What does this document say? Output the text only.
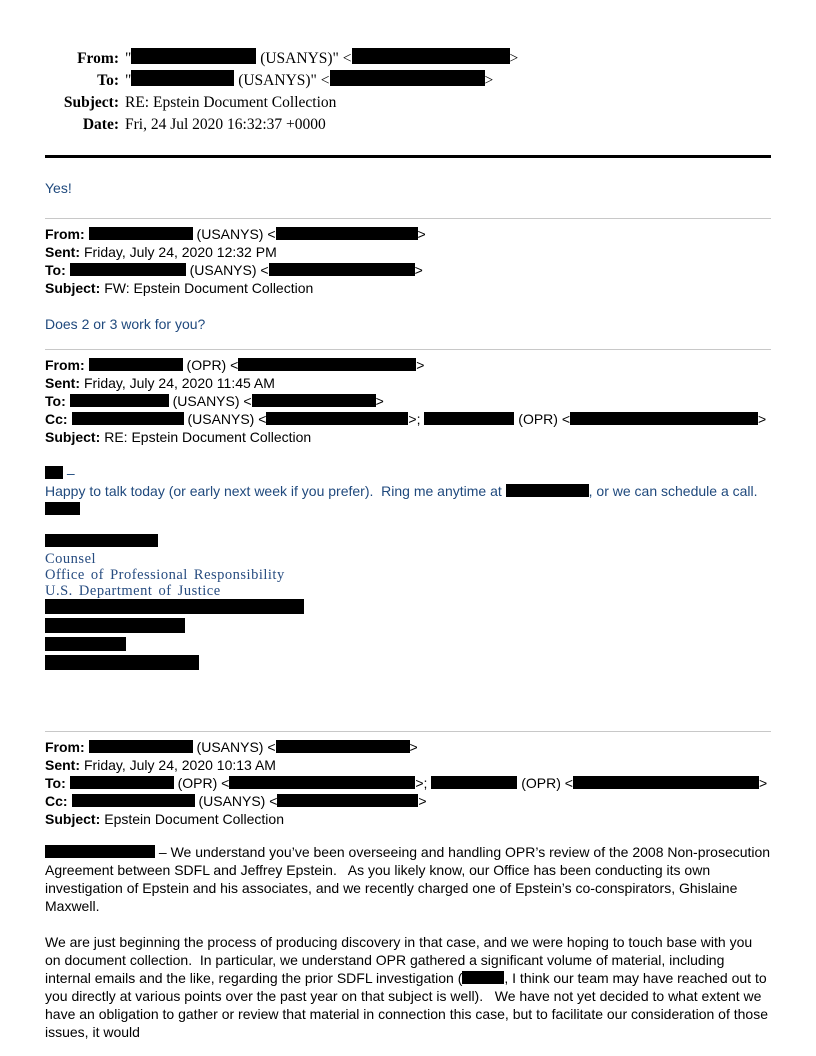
From: "	(USANYS)" <	>
To: "	(USANYS)" <	>
Subject: RE: Epstein Document Collection
Date: Fri, 24 Jul 2020 16:32:37 +0000
Yes!
From:	(USANYS) <	>
Sent: Friday, July 24, 2020 12:32 PM
To:	(USANYS) <	>
Subject: FW: Epstein Document Collection
Does 2 or 3 work for you?
From:	(OPR) <	>
Sent: Friday, July 24, 2020 11:45 AM
To:	(USANYS) <	>
Cc:	(USANYS) <	>;	(OPR) <	>
Subject: RE: Epstein Document Collection
–
Happy to talk today (or early next week if you prefer).  Ring me anytime at	, or we can schedule a call.
Counsel
Office of Professional Responsibility
U.S. Department of Justice
From:	(USANYS) <	>
Sent: Friday, July 24, 2020 10:13 AM
To:	(OPR) <	>;	(OPR) <	>
Cc:	(USANYS) <	>
Subject: Epstein Document Collection
– We understand you’ve been overseeing and handling OPR’s review of the 2008 Non-prosecution Agreement between SDFL and Jeffrey Epstein.   As you likely know, our Office has been conducting its own investigation of Epstein and his associates, and we recently charged one of Epstein’s co-conspirators, Ghislaine Maxwell.
We are just beginning the process of producing discovery in that case, and we were hoping to touch base with you on document collection.  In particular, we understand OPR gathered a significant volume of material, including internal emails and the like, regarding the prior SDFL investigation (	, I think our team may have reached out to you directly at various points over the past year on that subject is well).   We have not yet decided to what extent we have an obligation to gather or review that material in connection this case, but to facilitate our consideration of those issues, it would
